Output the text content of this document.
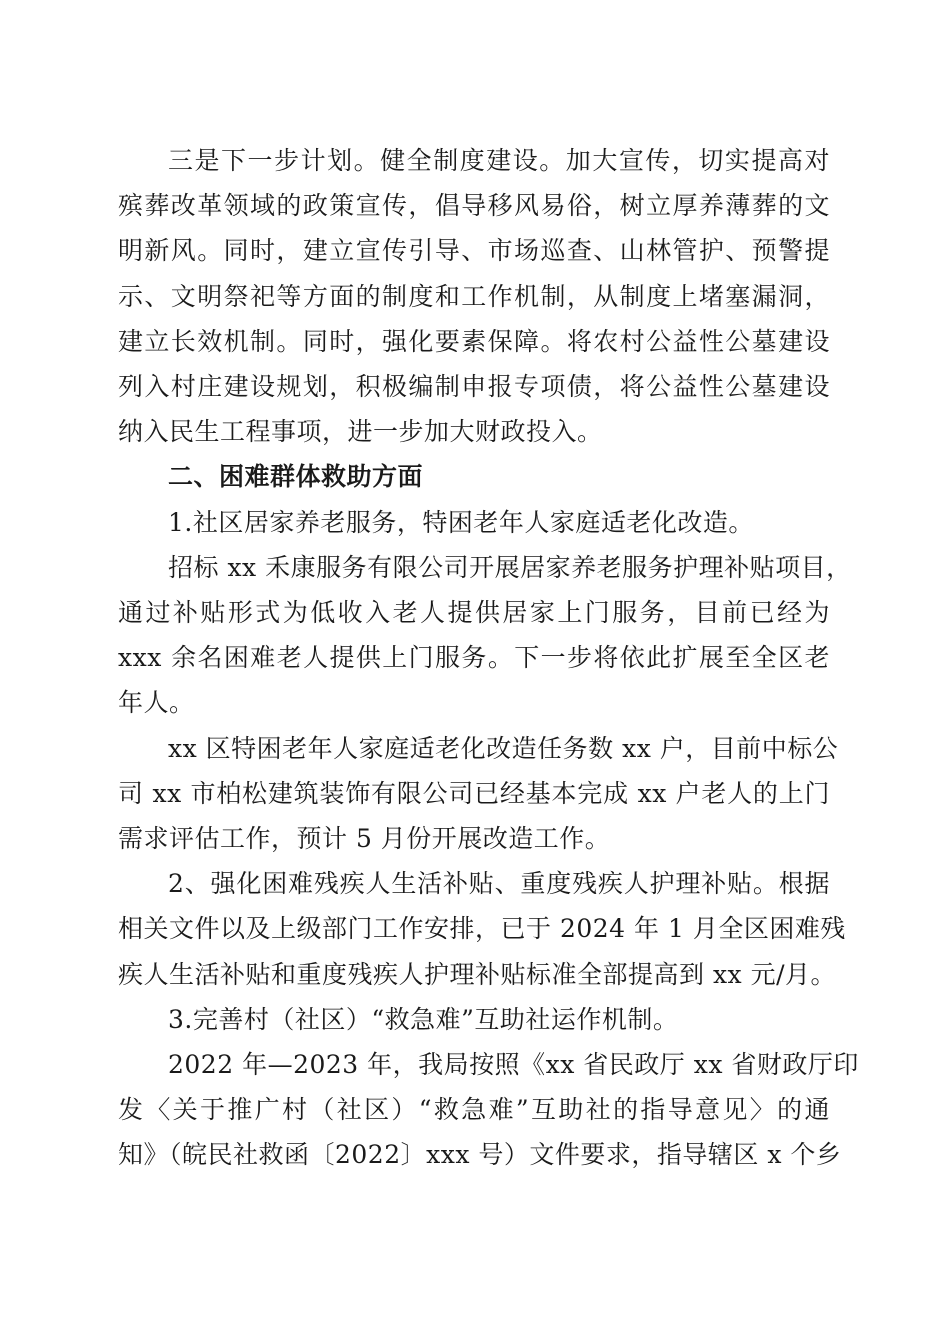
三是下一步计划。健全制度建设。加大宣传，切实提高对
殡葬改革领域的政策宣传，倡导移风易俗，树立厚养薄葬的文
明新风。同时，建立宣传引导、市场巡查、山林管护、预警提
示、文明祭祀等方面的制度和工作机制，从制度上堵塞漏洞，
建立长效机制。同时，强化要素保障。将农村公益性公墓建设
列入村庄建设规划，积极编制申报专项债，将公益性公墓建设
纳入民生工程事项，进一步加大财政投入。

二、困难群体救助方面

1.社区居家养老服务，特困老年人家庭适老化改造。

招标 xx 禾康服务有限公司开展居家养老服务护理补贴项目，
通过补贴形式为低收入老人提供居家上门服务，目前已经为
xxx 余名困难老人提供上门服务。下一步将依此扩展至全区老
年人。

xx 区特困老年人家庭适老化改造任务数 xx 户，目前中标公
司 xx 市柏松建筑装饰有限公司已经基本完成 xx 户老人的上门
需求评估工作，预计 5 月份开展改造工作。

2、强化困难残疾人生活补贴、重度残疾人护理补贴。根据
相关文件以及上级部门工作安排，已于 2024 年 1 月全区困难残
疾人生活补贴和重度残疾人护理补贴标准全部提高到 xx 元/月。

3.完善村（社区）“救急难”互助社运作机制。

2022 年—2023 年，我局按照《xx 省民政厅 xx 省财政厅印
发〈关于推广村（社区）“救急难”互助社的指导意见〉的通
知》（皖民社救函〔2022〕xxx 号）文件要求，指导辖区 x 个乡
